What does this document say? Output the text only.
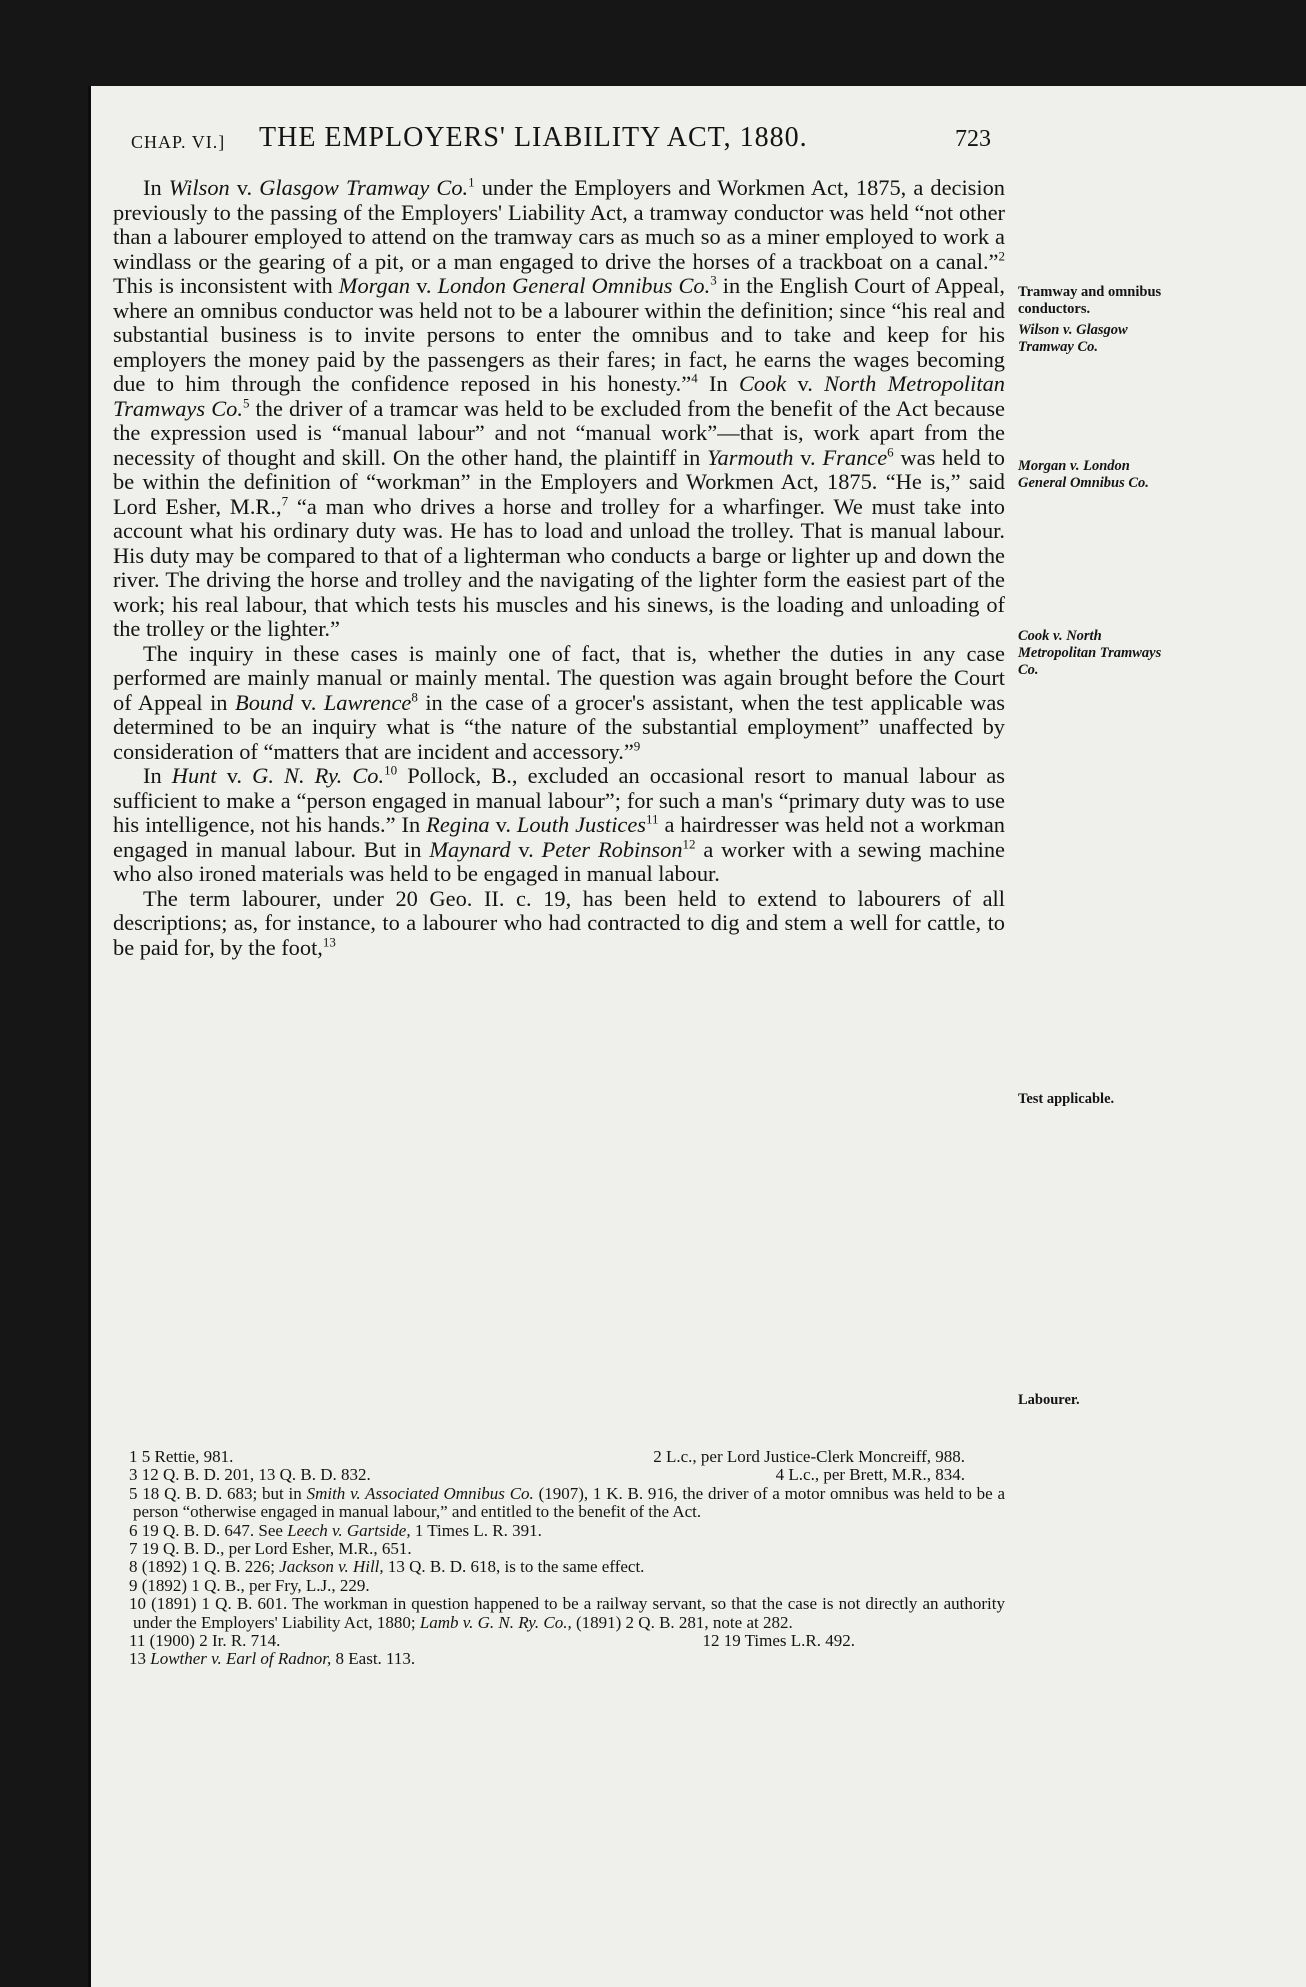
CHAP. VI.] THE EMPLOYERS' LIABILITY ACT, 1880.	723

In Wilson v. Glasgow Tramway Co.$^1$ under the Employers and Workmen Act, 1875, a decision previously to the passing of the Employers' Liability Act, a tramway conductor was held “not other than a labourer employed to attend on the tramway cars as much so as a miner employed to work a windlass or the gearing of a pit, or a man engaged to drive the horses of a trackboat on a canal.”$^2$ This is inconsistent with Morgan v. London General Omnibus Co.$^3$ in the English Court of Appeal, where an omnibus conductor was held not to be a labourer within the definition; since “his real and substantial business is to invite persons to enter the omnibus and to take and keep for his employers the money paid by the passengers as their fares; in fact, he earns the wages becoming due to him through the confidence reposed in his honesty.”$^4$ In Cook v. North Metropolitan Tramways Co.$^5$ the driver of a tramcar was held to be excluded from the benefit of the Act because the expression used is “manual labour” and not “manual work”—that is, work apart from the necessity of thought and skill. On the other hand, the plaintiff in Yarmouth v. France$^6$ was held to be within the definition of “workman” in the Employers and Workmen Act, 1875. “He is,” said Lord Esher, M.R.,$^7$ “a man who drives a horse and trolley for a wharfinger. We must take into account what his ordinary duty was. He has to load and unload the trolley. That is manual labour. His duty may be compared to that of a lighterman who conducts a barge or lighter up and down the river. The driving the horse and trolley and the navigating of the lighter form the easiest part of the work; his real labour, that which tests his muscles and his sinews, is the loading and unloading of the trolley or the lighter.”

The inquiry in these cases is mainly one of fact, that is, whether the duties in any case performed are mainly manual or mainly mental. The question was again brought before the Court of Appeal in Bound v. Lawrence$^8$ in the case of a grocer's assistant, when the test applicable was determined to be an inquiry what is “the nature of the substantial employment” unaffected by consideration of “matters that are incident and accessory.”$^9$

In Hunt v. G. N. Ry. Co.$^{10}$ Pollock, B., excluded an occasional resort to manual labour as sufficient to make a “person engaged in manual labour”; for such a man's “primary duty was to use his intelligence, not his hands.” In Regina v. Louth Justices$^{11}$ a hairdresser was held not a workman engaged in manual labour. But in Maynard v. Peter Robinson$^{12}$ a worker with a sewing machine who also ironed materials was held to be engaged in manual labour.

The term labourer, under 20 Geo. II. c. 19, has been held to extend to labourers of all descriptions; as, for instance, to a labourer who had contracted to dig and stem a well for cattle, to be paid for, by the foot,$^{13}$

Tramway and omnibus conductors.
Wilson v. Glasgow Tramway Co.
Morgan v. London General Omnibus Co.
Cook v. North Metropolitan Tramways Co.
Test applicable.
Labourer.
1 5 Rettie, 981.	2 L.c., per Lord Justice-Clerk Moncreiff, 988.
3 12 Q. B. D. 201, 13 Q. B. D. 832.	4 L.c., per Brett, M.R., 834.
5 18 Q. B. D. 683; but in Smith v. Associated Omnibus Co. (1907), 1 K. B. 916, the driver of a motor omnibus was held to be a person “otherwise engaged in manual labour,” and entitled to the benefit of the Act.
6 19 Q. B. D. 647. See Leech v. Gartside, 1 Times L. R. 391.
7 19 Q. B. D., per Lord Esher, M.R., 651.
8 (1892) 1 Q. B. 226; Jackson v. Hill, 13 Q. B. D. 618, is to the same effect.
9 (1892) 1 Q. B., per Fry, L.J., 229.
10 (1891) 1 Q. B. 601. The workman in question happened to be a railway servant, so that the case is not directly an authority under the Employers' Liability Act, 1880; Lamb v. G. N. Ry. Co., (1891) 2 Q. B. 281, note at 282.
11 (1900) 2 Ir. R. 714.	12 19 Times L.R. 492.
13 Lowther v. Earl of Radnor, 8 East. 113.
